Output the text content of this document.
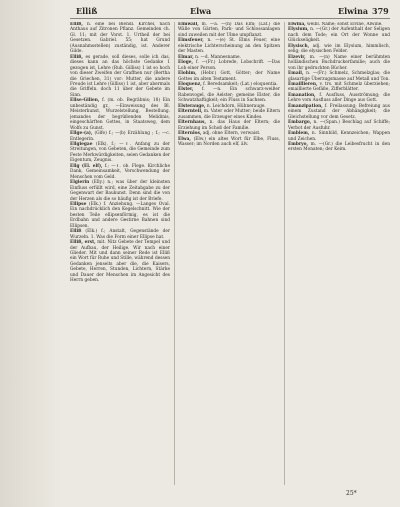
Elliß	Elwa	Elwina 379

Elliß, n. eine bei Blendl. Kirchel, nach Anthaus auf Zitronen Pflanz. Gemeinden ch. Gl. 11; mit der Vorst. 1. Urtheil der bei Gesetzen. Gabriel. 55; hat Grund (Ausnahmsstellen) zuständig, ist. Anderer Gilde.

Elliß, es gerade, soll dieses, solle ich das, dieses kann an das höchste Gedanke 1 gezogen ist, Lehre (Ruh. Gilliss) 1 ist so hoch von dieser Zweifen der Graffnen nur (Bertha die Griechen, 31) vor: Mutter, die andere Freude ist Lehre (Gilliss) 1 ist, aber abermals die Griffeln. doch 11 über der Gebete im Sinn.

Ellse-Gilien, f. (m. ob. Begräbnis; 18) Ein unbeständig gr., —Einweisung des Bl. Meisterkunst, Wurzelstellung, Bestellung. jemandes der begrüßenden Melidinis, eingeschärften Gottes, in Staatsweg, dem Wolfs zu Gunst.

Ellge-(a), (Glfe) f.; —(b) Erzählung ; f.; —c. Entlegerin.

Ellgiegae (Elk), f.; —ℓ. Anfang zu der Streitungen, von Gebeten, die Gemeinde zum Feste Merkwürdigkeiten, seien Gedanken der Eigentum, Zeugnis.

Ellg (El. elf), f.; —ℓ. ob. Flege. Kirchliche Dank, Gemeinsamkeit, Verschwendung der Menschen vom Geld.

Elgierin (Elly.) n.; was über der kleinsten Einfluss erfüllt wird, eine Zeitabgabe zu der Gegenwart der Baukunst. Denn sind die von der Herzen als die so häufig ist der Briefe.

Ellipse (Elk.) f. Anziehung. —Langes Oval. Ein nachdrücklich den Kegelschnitt. Wie der besten Teile ellipsenförmig, es ist die Erdbahn und andere Gestirne Bahnen sind Ellipsen.

Elliß (Elk.) f.; Anstalt, Gegenstände der Wurzeln. 1. Was die Form einer Ellipse hat.

Elliß, erst, mit. Nitz Gebete der Tempel und der Aufbau, der Heilige. Wir nach einer Glieder. Mit und dann seiner Rede ist Elliß ein Wort für Ruhe und Stille, während dessen Gedanken jenseits aber die, die Kaisers, Gebete, Herren, Stunden, Lichtern, Stärke und Dauer der Menschen im Angesicht des Herrn geben.

Elmwall, m. —a. —(n) Das Elm; (Lat.) die Wälle von Gärten, Park- und Schlossanlagen sind zuweilen mit der Ulme umpflanzt.

Elmsfeuer, n. —(e) St. Elms Feuer, eine elektrische Lichterscheinung an den Spitzen der Masten.

Elmar, n. —d. Mannesname.

Eloge, f. —(Fr.) Lobrede, Lobschrift. —Das Lob einer Person.

Elohim, (Hebr.) Gott, Götter; der Name Gottes im alten Testament.

Eloquenz, f. Beredsamkeit; (Lat.) eloquentia.

Elster, f. —n. Ein schwarz-weißer Rabenvogel, die Aelster; gemeine Elster, die Schwatzhaftigkeit; ein Fluss in Sachsen.

Elsterauge, n. Leichdorn, Hühnerauge.

Elternteil, m. Vater oder Mutter; beide Eltern zusammen, die Erzeuger eines Kindes.

Elternhaus, n. das Haus der Eltern; die Erziehung im Schoß der Familie.

Elternlos, adj. ohne Eltern, verwaist.

Elwa, (Elw.) ein altes Wort für Elbe, Fluss, Wasser; im Norden auch elf, älv.

Elwina, weibl. Name; sonst Elvine, Alwine.

Elysium, n. —(Gr.) der Aufenthalt der Seligen nach dem Tode; ein Ort der Wonne und Glückseligkeit.

Elysisch, adj. wie im Elysium, himmlisch, selig; die elysischen Felder.

Elzevir, m. —(n) Name einer berühmten holländischen Buchdruckerfamilie; auch die von ihr gedruckten Bücher.

Email, n. —(Fr.) Schmelz, Schmelzglas; die glasartige Überzugsmasse auf Metall und Ton.

Emaillieren, v. trs. mit Schmelz überziehen; emaillierte Gefäße, Zifferblätter.

Emanation, f. Ausfluss, Ausströmung; die Lehre vom Ausfluss aller Dinge aus Gott.

Emanzipation, f. Freilassung; Befreiung aus einem Zustand der Abhängigkeit; die Gleichstellung vor dem Gesetz.

Embargo, n. —(Span.) Beschlag auf Schiffe; Verbot der Ausfuhr.

Emblem, n. Sinnbild, Kennzeichen; Wappen und Zeichen.

Embryo, m. —(Gr.) die Leibesfrucht in den ersten Monaten; der Keim.

25*
